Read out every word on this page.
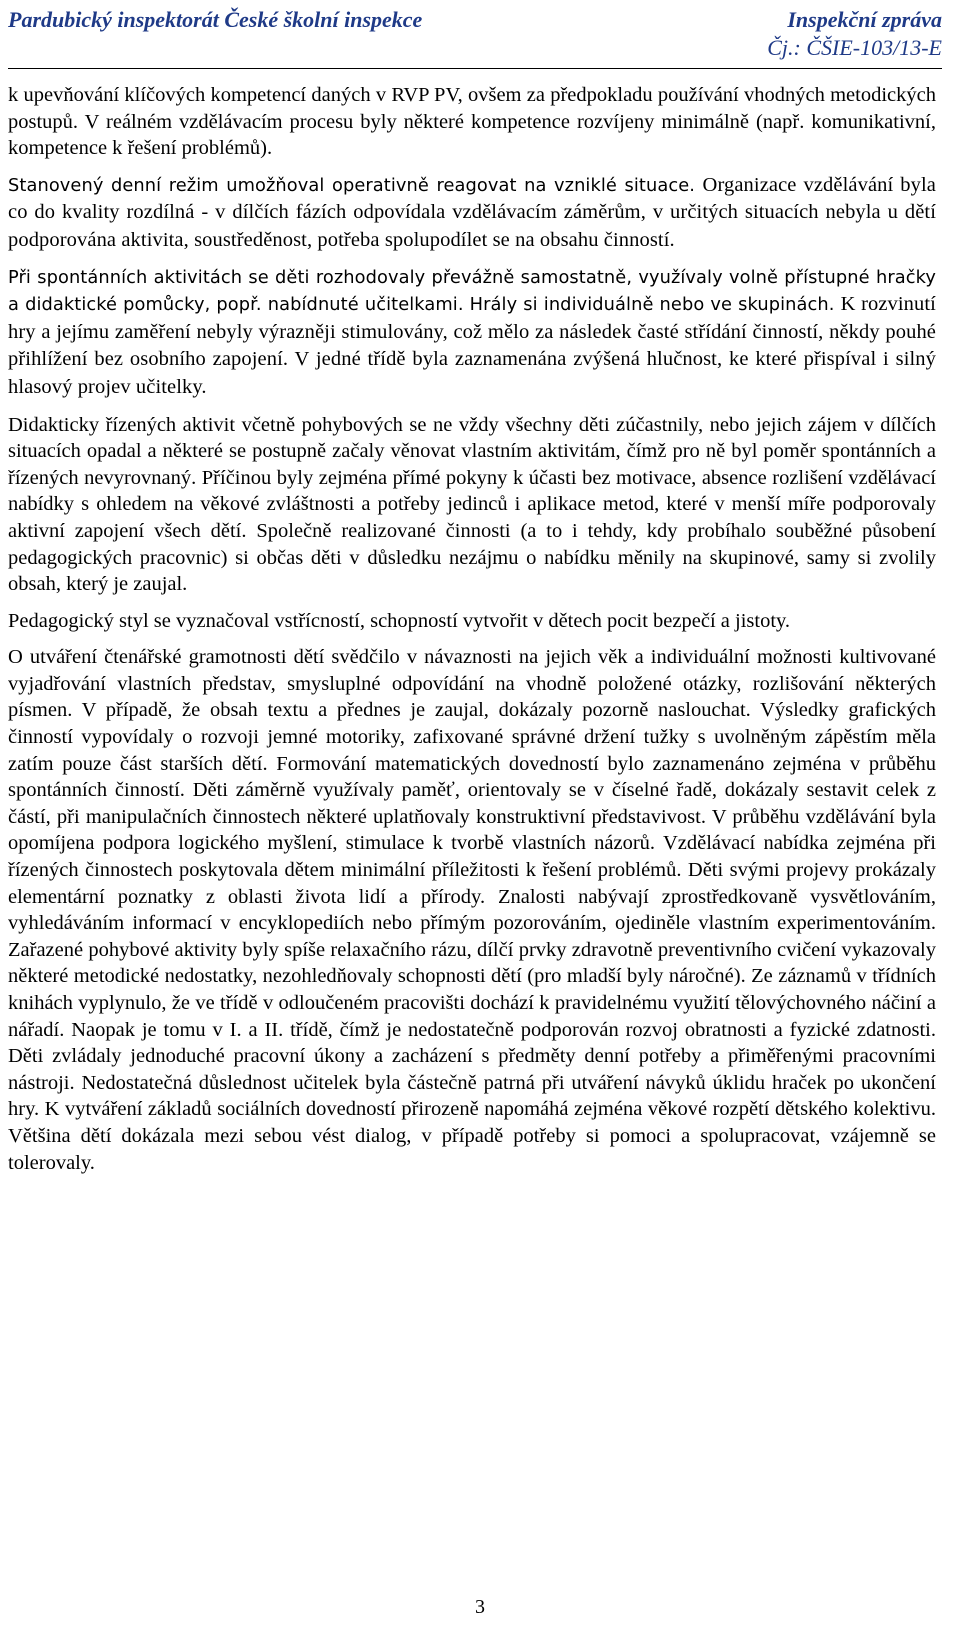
Pardubický inspektorát České školní inspekce	Inspekční zpráva
Čj.: ČŠIE-103/13-E

k upevňování klíčových kompetencí daných v RVP PV, ovšem za předpokladu používání vhodných metodických postupů. V reálném vzdělávacím procesu byly některé kompetence rozvíjeny minimálně (např. komunikativní, kompetence k řešení problémů).

Stanovený denní režim umožňoval operativně reagovat na vzniklé situace. Organizace vzdělávání byla co do kvality rozdílná - v dílčích fázích odpovídala vzdělávacím záměrům, v určitých situacích nebyla u dětí podporována aktivita, soustředěnost, potřeba spolupodílet se na obsahu činností.

Při spontánních aktivitách se děti rozhodovaly převážně samostatně, využívaly volně přístupné hračky a didaktické pomůcky, popř. nabídnuté učitelkami. Hrály si individuálně nebo ve skupinách. K rozvinutí hry a jejímu zaměření nebyly výrazněji stimulovány, což mělo za následek časté střídání činností, někdy pouhé přihlížení bez osobního zapojení. V jedné třídě byla zaznamenána zvýšená hlučnost, ke které přispíval i silný hlasový projev učitelky.

Didakticky řízených aktivit včetně pohybových se ne vždy všechny děti zúčastnily, nebo jejich zájem v dílčích situacích opadal a některé se postupně začaly věnovat vlastním aktivitám, čímž pro ně byl poměr spontánních a řízených nevyrovnaný. Příčinou byly zejména přímé pokyny k účasti bez motivace, absence rozlišení vzdělávací nabídky s ohledem na věkové zvláštnosti a potřeby jedinců i aplikace metod, které v menší míře podporovaly aktivní zapojení všech dětí. Společně realizované činnosti (a to i tehdy, kdy probíhalo souběžné působení pedagogických pracovnic) si občas děti v důsledku nezájmu o nabídku měnily na skupinové, samy si zvolily obsah, který je zaujal.

Pedagogický styl se vyznačoval vstřícností, schopností vytvořit v dětech pocit bezpečí a jistoty.

O utváření čtenářské gramotnosti dětí svědčilo v návaznosti na jejich věk a individuální možnosti kultivované vyjadřování vlastních představ, smysluplné odpovídání na vhodně položené otázky, rozlišování některých písmen. V případě, že obsah textu a přednes je zaujal, dokázaly pozorně naslouchat. Výsledky grafických činností vypovídaly o rozvoji jemné motoriky, zafixované správné držení tužky s uvolněným zápěstím měla zatím pouze část starších dětí. Formování matematických dovedností bylo zaznamenáno zejména v průběhu spontánních činností. Děti záměrně využívaly paměť, orientovaly se v číselné řadě, dokázaly sestavit celek z částí, při manipulačních činnostech některé uplatňovaly konstruktivní představivost. V průběhu vzdělávání byla opomíjena podpora logického myšlení, stimulace k tvorbě vlastních názorů. Vzdělávací nabídka zejména při řízených činnostech poskytovala dětem minimální příležitosti k řešení problémů. Děti svými projevy prokázaly elementární poznatky z oblasti života lidí a přírody. Znalosti nabývají zprostředkovaně vysvětlováním, vyhledáváním informací v encyklopediích nebo přímým pozorováním, ojediněle vlastním experimentováním. Zařazené pohybové aktivity byly spíše relaxačního rázu, dílčí prvky zdravotně preventivního cvičení vykazovaly některé metodické nedostatky, nezohledňovaly schopnosti dětí (pro mladší byly náročné). Ze záznamů v třídních knihách vyplynulo, že ve třídě v odloučeném pracovišti dochází k pravidelnému využití tělovýchovného náčiní a nářadí. Naopak je tomu v I. a II. třídě, čímž je nedostatečně podporován rozvoj obratnosti a fyzické zdatnosti. Děti zvládaly jednoduché pracovní úkony a zacházení s předměty denní potřeby a přiměřenými pracovními nástroji. Nedostatečná důslednost učitelek byla částečně patrná při utváření návyků úklidu hraček po ukončení hry. K vytváření základů sociálních dovedností přirozeně napomáhá zejména věkové rozpětí dětského kolektivu. Většina dětí dokázala mezi sebou vést dialog, v případě potřeby si pomoci a spolupracovat, vzájemně se tolerovaly.

3
